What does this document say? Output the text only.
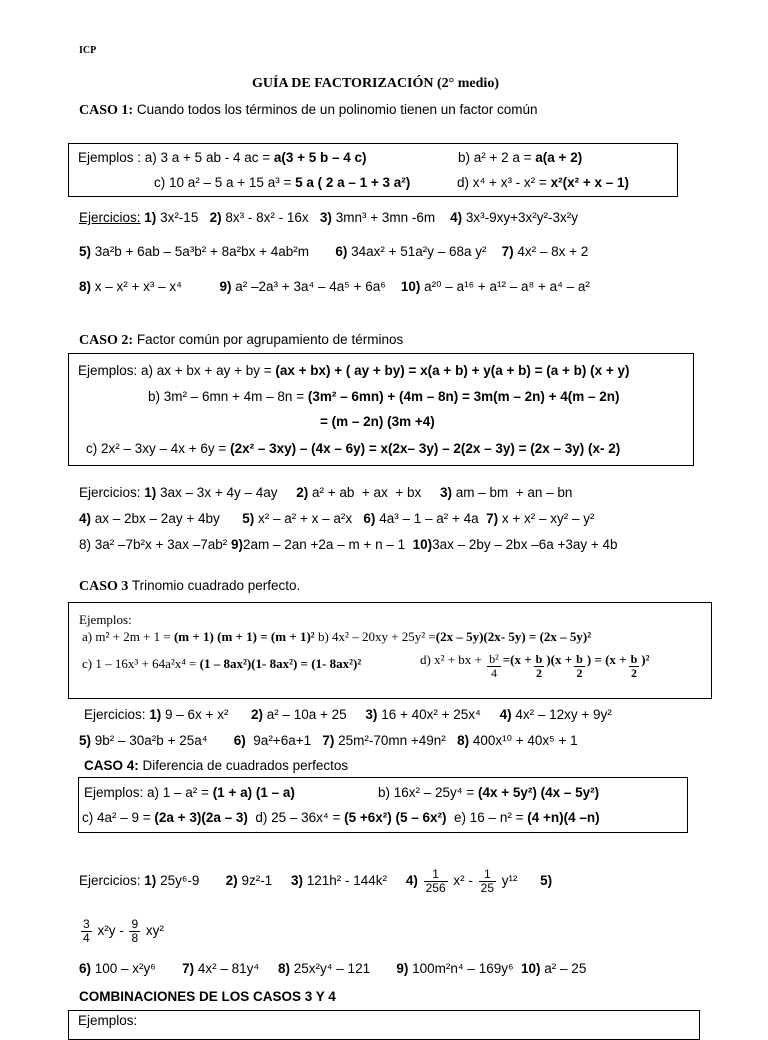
ICP
GUÍA DE FACTORIZACIÓN (2° medio)
CASO 1: Cuando todos los términos de un polinomio tienen un factor común
Ejemplos : a) 3 a + 5 ab - 4 ac = a(3 + 5 b – 4 c)	b) a² + 2 a = a(a + 2)
c) 10 a² – 5 a + 15 a³ = 5 a ( 2 a – 1 + 3 a²)	d) x⁴ + x³ - x² = x²(x² + x – 1)
Ejercicios: 1) 3x²-15 2) 8x³ - 8x² - 16x 3) 3mn³ + 3mn -6m 4) 3x³-9xy+3x²y²-3x²y
5) 3a²b + 6ab – 5a³b² + 8a²bx + 4ab²m 6) 34ax² + 51a²y – 68a y² 7) 4x² – 8x + 2
8) x – x² + x³ – x⁴	9) a² –2a³ + 3a⁴ – 4a⁵ + 6a⁶ 10) a²⁰ – a¹⁶ + a¹² – a⁸ + a⁴ – a²
CASO 2: Factor común por agrupamiento de términos
Ejemplos: a) ax + bx + ay + by = (ax + bx) + ( ay + by) = x(a + b) + y(a + b) = (a + b) (x + y)
b) 3m² – 6mn + 4m – 8n = (3m² – 6mn) + (4m – 8n) = 3m(m – 2n) + 4(m – 2n)
= (m – 2n) (3m +4)
c) 2x² – 3xy – 4x + 6y = (2x² – 3xy) – (4x – 6y) = x(2x– 3y) – 2(2x – 3y) = (2x – 3y) (x- 2)
Ejercicios: 1) 3ax – 3x + 4y – 4ay     2) a² + ab  + ax  + bx     3) am – bm  + an – bn
4) ax – 2bx – 2ay + 4by      5) x² – a² + x – a²x   6) 4a³ – 1 – a² + 4a  7) x + x² – xy² – y²
8) 3a² –7b²x + 3ax –7ab² 9)2am – 2an +2a – m + n – 1  10)3ax – 2by – 2bx –6a +3ay + 4b
CASO 3 Trinomio cuadrado perfecto.
Ejemplos:
a) m² + 2m + 1 = (m + 1) (m + 1) = (m + 1)² b) 4x² – 20xy + 25y² =(2x – 5y)(2x- 5y) = (2x – 5y)²
c) 1 – 16x³ + 64a²x⁴ = (1 – 8ax²)(1- 8ax²) = (1- 8ax²)²	d) x² + bx + $\frac{\text{b²}}{4} =(x + \frac{b}{2} )(x + \frac{b}{2}$ ) = $(x + \frac{b}{2} )^2$
Ejercicios: 1) 9 – 6x + x²      2) a² – 10a + 25     3) 16 + 40x² + 25x⁴     4) 4x² – 12xy + 9y²
5) 9b² – 30a²b + 25a⁴       6)  9a²+6a+1   7) 25m²-70mn +49n²   8) 400x¹⁰ + 40x⁵ + 1
CASO 4: Diferencia de cuadrados perfectos
Ejemplos: a) 1 – a² = (1 + a) (1 – a)	b) 16x² – 25y⁴ = (4x + 5y²) (4x – 5y²)
c) 4a² – 9 = (2a + 3)(2a – 3) d) 25 – 36x⁴ = (5 +6x²) (5 – 6x²) e) 16 – n² = (4 +n)(4 –n)
Ejercicios: 1) 25y⁶-9 2) 9z²-1 3) 121h² - 144k² $4) \frac{1}{256} x^2 - \frac{1}{25} y^{12}$ 5)
$\frac{3}{4} x^2y - \frac{9}{8} xy^2$
6) 100 – x²y⁶       7) 4x² – 81y⁴     8) 25x²y⁴ – 121       9) 100m²n⁴ – 169y⁶  10) a² – 25
COMBINACIONES DE LOS CASOS 3 Y 4
Ejemplos:
